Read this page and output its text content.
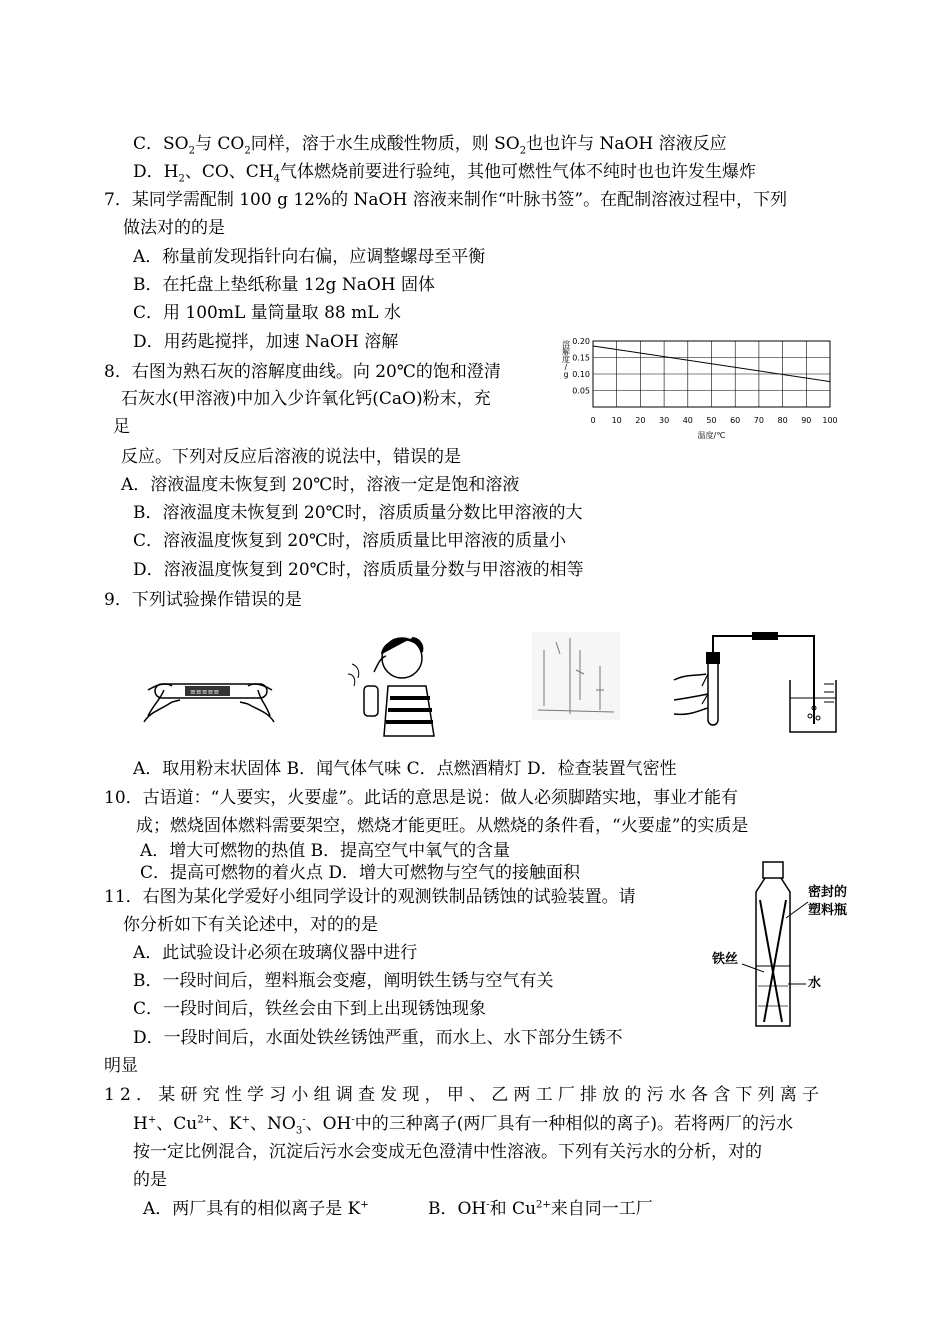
C．$SO_2$与 $CO_2$同样，溶于水生成酸性物质，则 $SO_2$也也许与 NaOH 溶液反应
D．$H_2$、CO、$CH_4$气体燃烧前要进行验纯，其他可燃性气体不纯时也也许发生爆炸
7．某同学需配制 100 g 12%的 NaOH 溶液来制作“叶脉书签”。在配制溶液过程中，下列
做法对的的是
A．称量前发现指针向右偏，应调整螺母至平衡
B．在托盘上垫纸称量 12g NaOH 固体
C．用 100mL 量筒量取 88 mL 水
D．用药匙搅拌，加速 NaOH 溶解
8．右图为熟石灰的溶解度曲线。向 20℃的饱和澄清
石灰水(甲溶液)中加入少许氧化钙(CaO)粉末，充
足
反应。下列对反应后溶液的说法中，错误的是
A．溶液温度未恢复到 20℃时，溶液一定是饱和溶液
B．溶液温度未恢复到 20℃时，溶质质量分数比甲溶液的大
C．溶液温度恢复到 20℃时，溶质质量比甲溶液的质量小
D．溶液温度恢复到 20℃时，溶质质量分数与甲溶液的相等
溶
解
度
/
g
0.20
0.15
0.10
0.05
0 10 20 30 40 50 60 70 80 90 100
温度/℃
9．下列试验操作错误的是
≡≡≡≡≡
A．取用粉末状固体 B．闻气体气味 C．点燃酒精灯 D．检查装置气密性
10．古语道：“人要实，火要虚”。此话的意思是说：做人必须脚踏实地，事业才能有
成；燃烧固体燃料需要架空，燃烧才能更旺。从燃烧的条件看，“火要虚”的实质是
A．增大可燃物的热值 B．提高空气中氧气的含量
C．提高可燃物的着火点 D．增大可燃物与空气的接触面积
11．右图为某化学爱好小组同学设计的观测铁制品锈蚀的试验装置。请
你分析如下有关论述中，对的的是
A．此试验设计必须在玻璃仪器中进行
B．一段时间后，塑料瓶会变瘪，阐明铁生锈与空气有关
C．一段时间后，铁丝会由下到上出现锈蚀现象
D．一段时间后，水面处铁丝锈蚀严重，而水上、水下部分生锈不
明显
密封的
塑料瓶
铁丝
水
12．某研究性学习小组调查发现，甲、乙两工厂排放的污水各含下列离子
H+、$Cu^{2+}$、K+、$NO_3^-$、OH-中的三种离子(两厂具有一种相似的离子)。若将两厂的污水
按一定比例混合，沉淀后污水会变成无色澄清中性溶液。下列有关污水的分析，对的
的是
A．两厂具有的相似离子是 K+	B．OH-和 $Cu^{2+}$来自同一工厂
